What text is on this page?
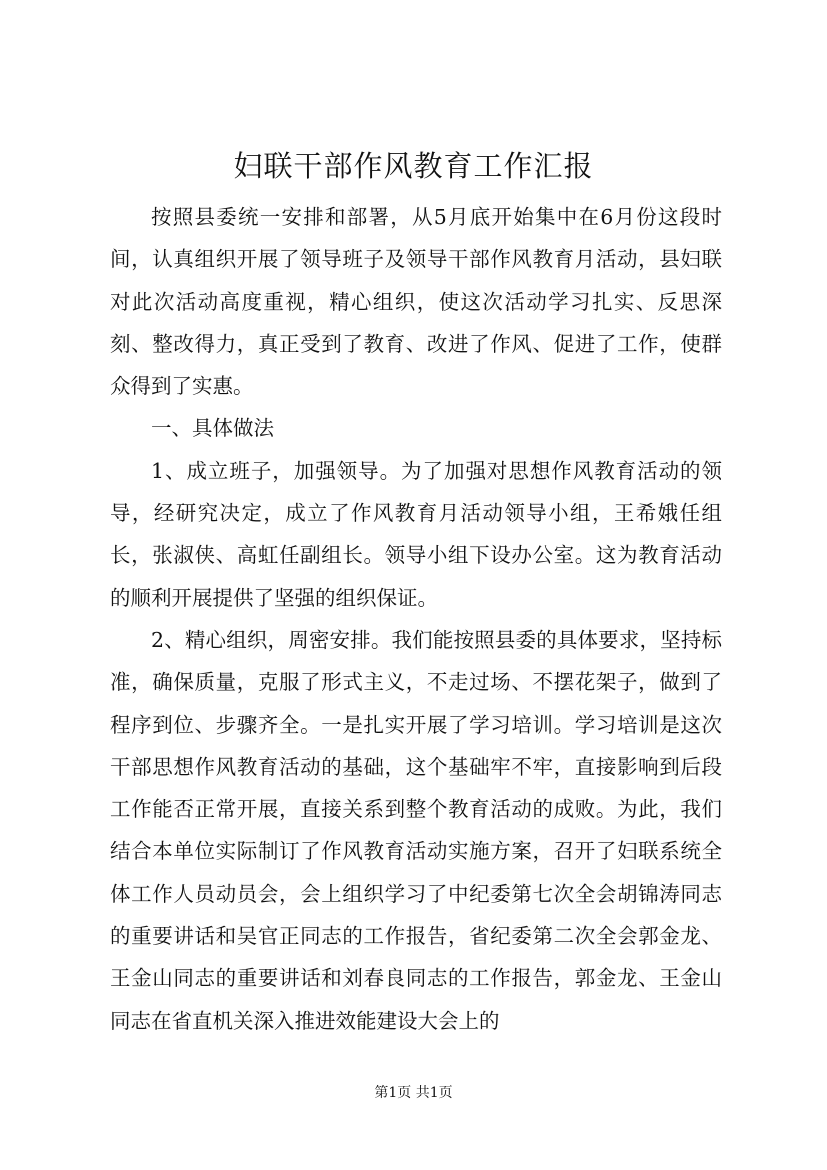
妇联干部作风教育工作汇报

按照县委统一安排和部署，从5月底开始集中在6月份这段时间，认真组织开展了领导班子及领导干部作风教育月活动，县妇联对此次活动高度重视，精心组织，使这次活动学习扎实、反思深刻、整改得力，真正受到了教育、改进了作风、促进了工作，使群众得到了实惠。

一、具体做法

1、成立班子，加强领导。为了加强对思想作风教育活动的领导，经研究决定，成立了作风教育月活动领导小组，王希娥任组长，张淑侠、高虹任副组长。领导小组下设办公室。这为教育活动的顺利开展提供了坚强的组织保证。

2、精心组织，周密安排。我们能按照县委的具体要求，坚持标准，确保质量，克服了形式主义，不走过场、不摆花架子，做到了程序到位、步骤齐全。一是扎实开展了学习培训。学习培训是这次干部思想作风教育活动的基础，这个基础牢不牢，直接影响到后段工作能否正常开展，直接关系到整个教育活动的成败。为此，我们结合本单位实际制订了作风教育活动实施方案，召开了妇联系统全体工作人员动员会，会上组织学习了中纪委第七次全会胡锦涛同志的重要讲话和吴官正同志的工作报告，省纪委第二次全会郭金龙、王金山同志的重要讲话和刘春良同志的工作报告，郭金龙、王金山同志在省直机关深入推进效能建设大会上的

第1页 共1页
